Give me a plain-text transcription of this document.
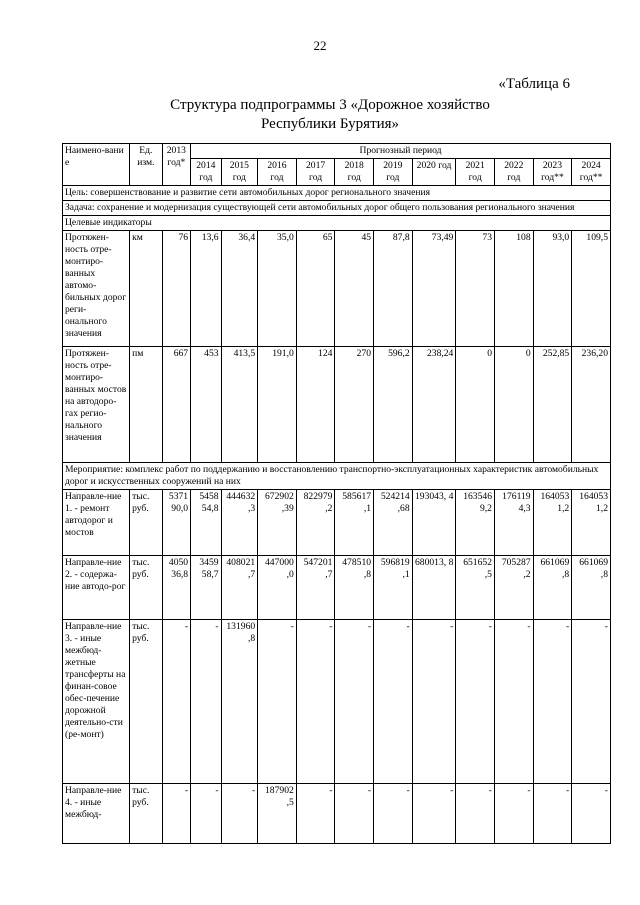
22
«Таблица 6
Структура подпрограммы 3 «Дорожное хозяйство
Республики Бурятия»
Наимено-вание	Ед. изм.	2013 год*	Прогнозный период										
			2014 год	2015 год	2016 год	2017 год	2018 год	2019 год	2020 год	2021 год	2022 год	2023 год**	2024 год**
Цель: совершенствование и развитие сети автомобильных дорог регионального значения													
Задача: сохранение и модернизация существующей сети автомобильных дорог общего пользования регионального значения													
Целевые индикаторы													
Протяжен-ность отре-монтиро-ванных автомо-бильных дорог реги-онального значения	км	76	13,6	36,4	35,0	65	45	87,8	73,49	73	108	93,0	109,5
Протяжен-ность отре-монтиро-ванных мостов на автодоро-гах регио-нального значения	пм	667	453	413,5	191,0	124	270	596,2	238,24	0	0	252,85	236,20
Мероприятие: комплекс работ по поддержанию и восстановлению транспортно-эксплуатационных характеристик автомобильных дорог и искусственных сооружений на них													
Направле-ние 1. - ремонт автодорог и мостов	тыс. руб.	5371 90,0	5458 54,8	444632 ,3	672902 ,39	822979 ,2	585617 ,1	524214 ,68	193043, 4	163546 9,2	176119 4,3	164053 1,2	164053 1,2
Направле-ние 2. - содержа-ние автодо-рог	тыс. руб.	4050 36,8	3459 58,7	408021 ,7	447000 ,0	547201 ,7	478510 ,8	596819 ,1	680013, 8	651652 ,5	705287 ,2	661069 ,8	661069 ,8
Направле-ние 3. - иные межбюд-жетные трансферты на финан-совое обес-печение дорожной деятельно-сти (ре-монт)	тыс. руб.	-	-	131960 ,8	-	-	-	-	-	-	-	-	-
Направле-ние 4. - иные межбюд-	тыс. руб.	-	-	-	187902 ,5	-	-	-	-	-	-	-	-
